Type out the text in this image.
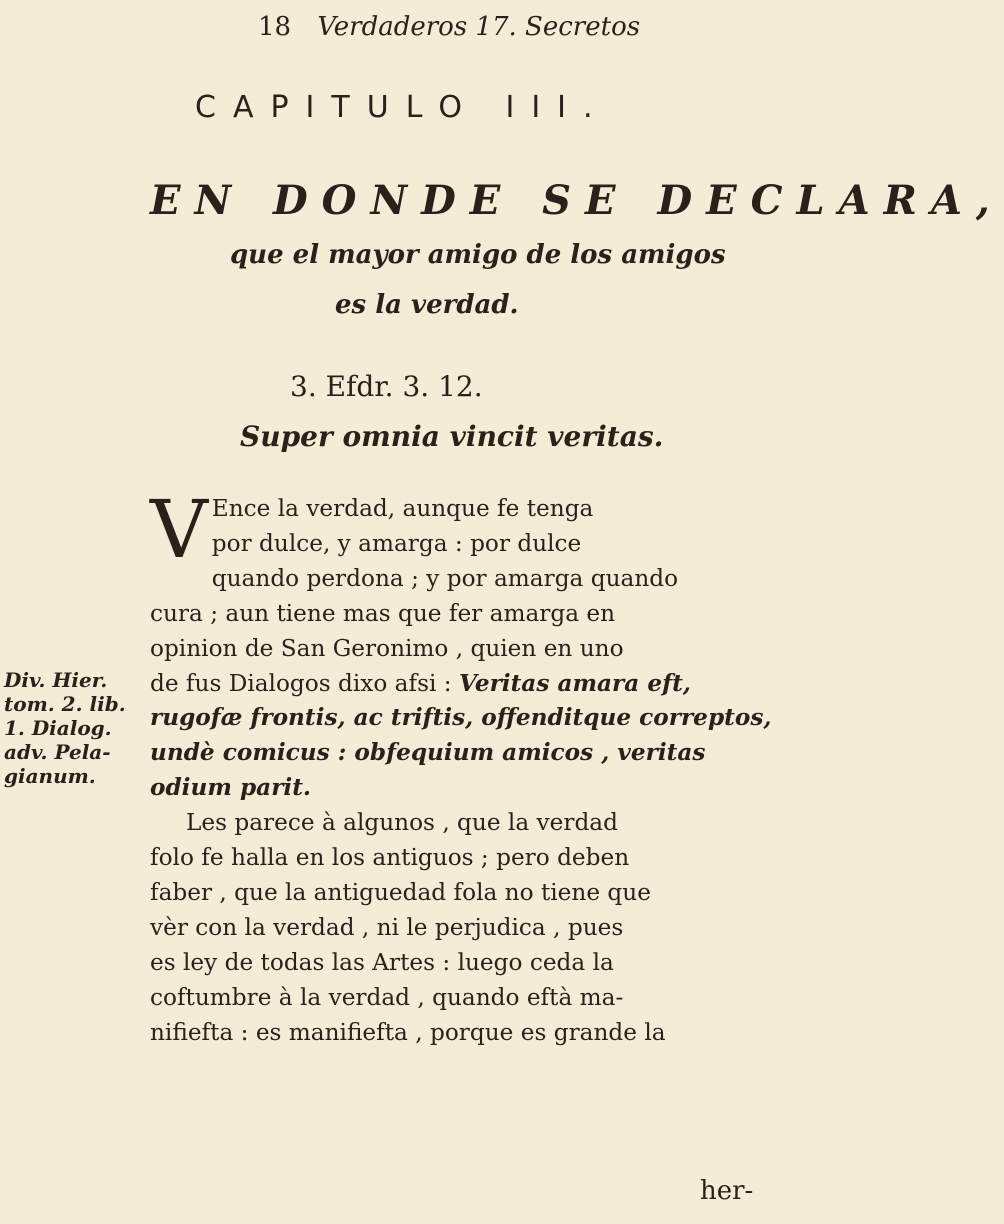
18 Verdaderos 17. Secretos
CAPITULO III.
EN DONDE SE DECLARA,
que el mayor amigo de los amigos
es la verdad.
3. Efdr. 3. 12.
Super omnia vincit veritas.
Div. Hier.
tom. 2. lib.
1. Dialog.
adv. Pela-
gianum.
V Ence la verdad, aunque fe tenga
por dulce, y amarga : por dulce
quando perdona ; y por amarga quando
cura ; aun tiene mas que fer amarga en
opinion de San Geronimo , quien en uno
de fus Dialogos dixo afsi : Veritas amara eft,
rugofæ frontis, ac triftis, offenditque correptos,
undè comicus : obfequium amicos , veritas
odium parit.
Les parece à algunos , que la verdad
folo fe halla en los antiguos ; pero deben
faber , que la antiguedad fola no tiene que
vèr con la verdad , ni le perjudica , pues
es ley de todas las Artes : luego ceda la
coftumbre à la verdad , quando eftà ma-
nifiefta : es manifiefta , porque es grande la
her-
